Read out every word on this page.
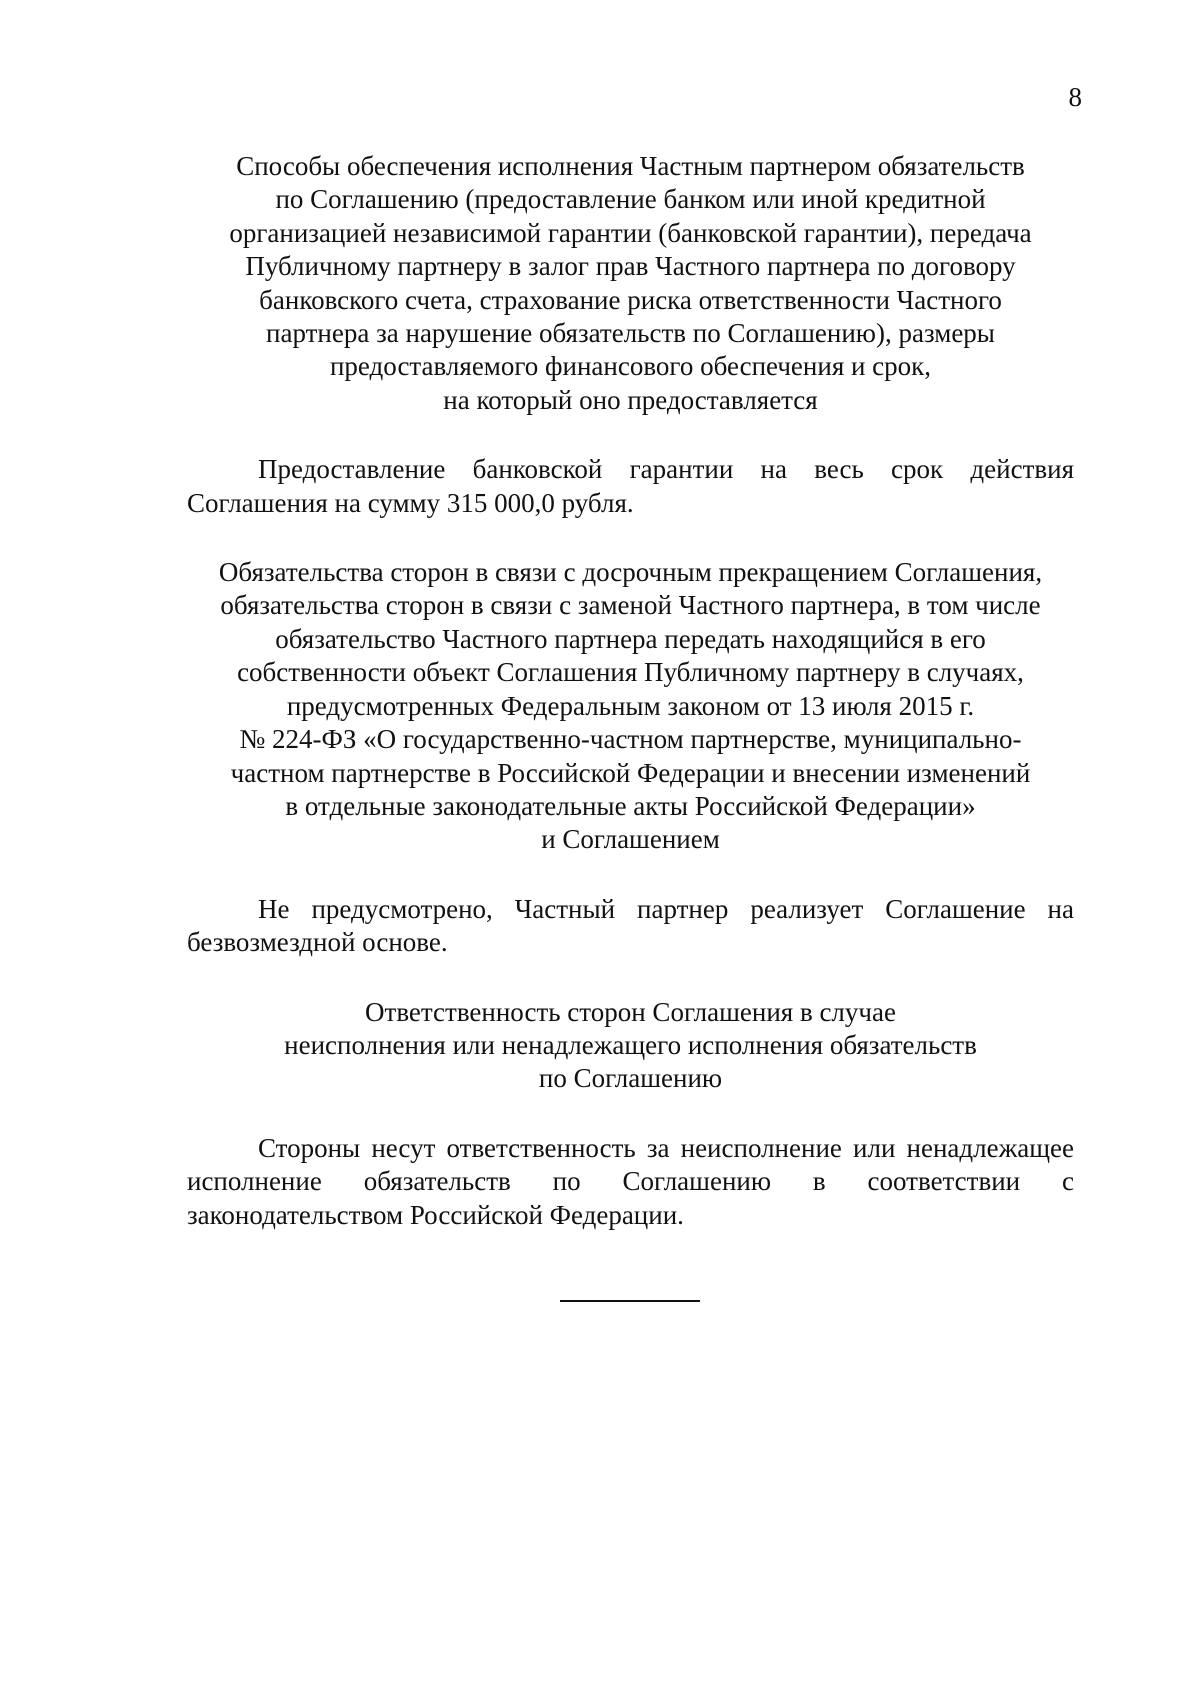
8
Способы обеспечения исполнения Частным партнером обязательств
по Соглашению (предоставление банком или иной кредитной
организацией независимой гарантии (банковской гарантии), передача
Публичному партнеру в залог прав Частного партнера по договору
банковского счета, страхование риска ответственности Частного
партнера за нарушение обязательств по Соглашению), размеры
предоставляемого финансового обеспечения и срок,
на который оно предоставляется

Предоставление банковской гарантии на весь срок действия Соглашения на сумму 315 000,0 рубля.

Обязательства сторон в связи с досрочным прекращением Соглашения,
обязательства сторон в связи с заменой Частного партнера, в том числе
обязательство Частного партнера передать находящийся в его
собственности объект Соглашения Публичному партнеру в случаях,
предусмотренных Федеральным законом от 13 июля 2015 г.
№ 224-ФЗ «О государственно-частном партнерстве, муниципально-
частном партнерстве в Российской Федерации и внесении изменений
в отдельные законодательные акты Российской Федерации»
и Соглашением

Не предусмотрено, Частный партнер реализует Соглашение на безвозмездной основе.

Ответственность сторон Соглашения в случае
неисполнения или ненадлежащего исполнения обязательств
по Соглашению

Стороны несут ответственность за неисполнение или ненадлежащее исполнение обязательств по Соглашению в соответствии с законодательством Российской Федерации.
